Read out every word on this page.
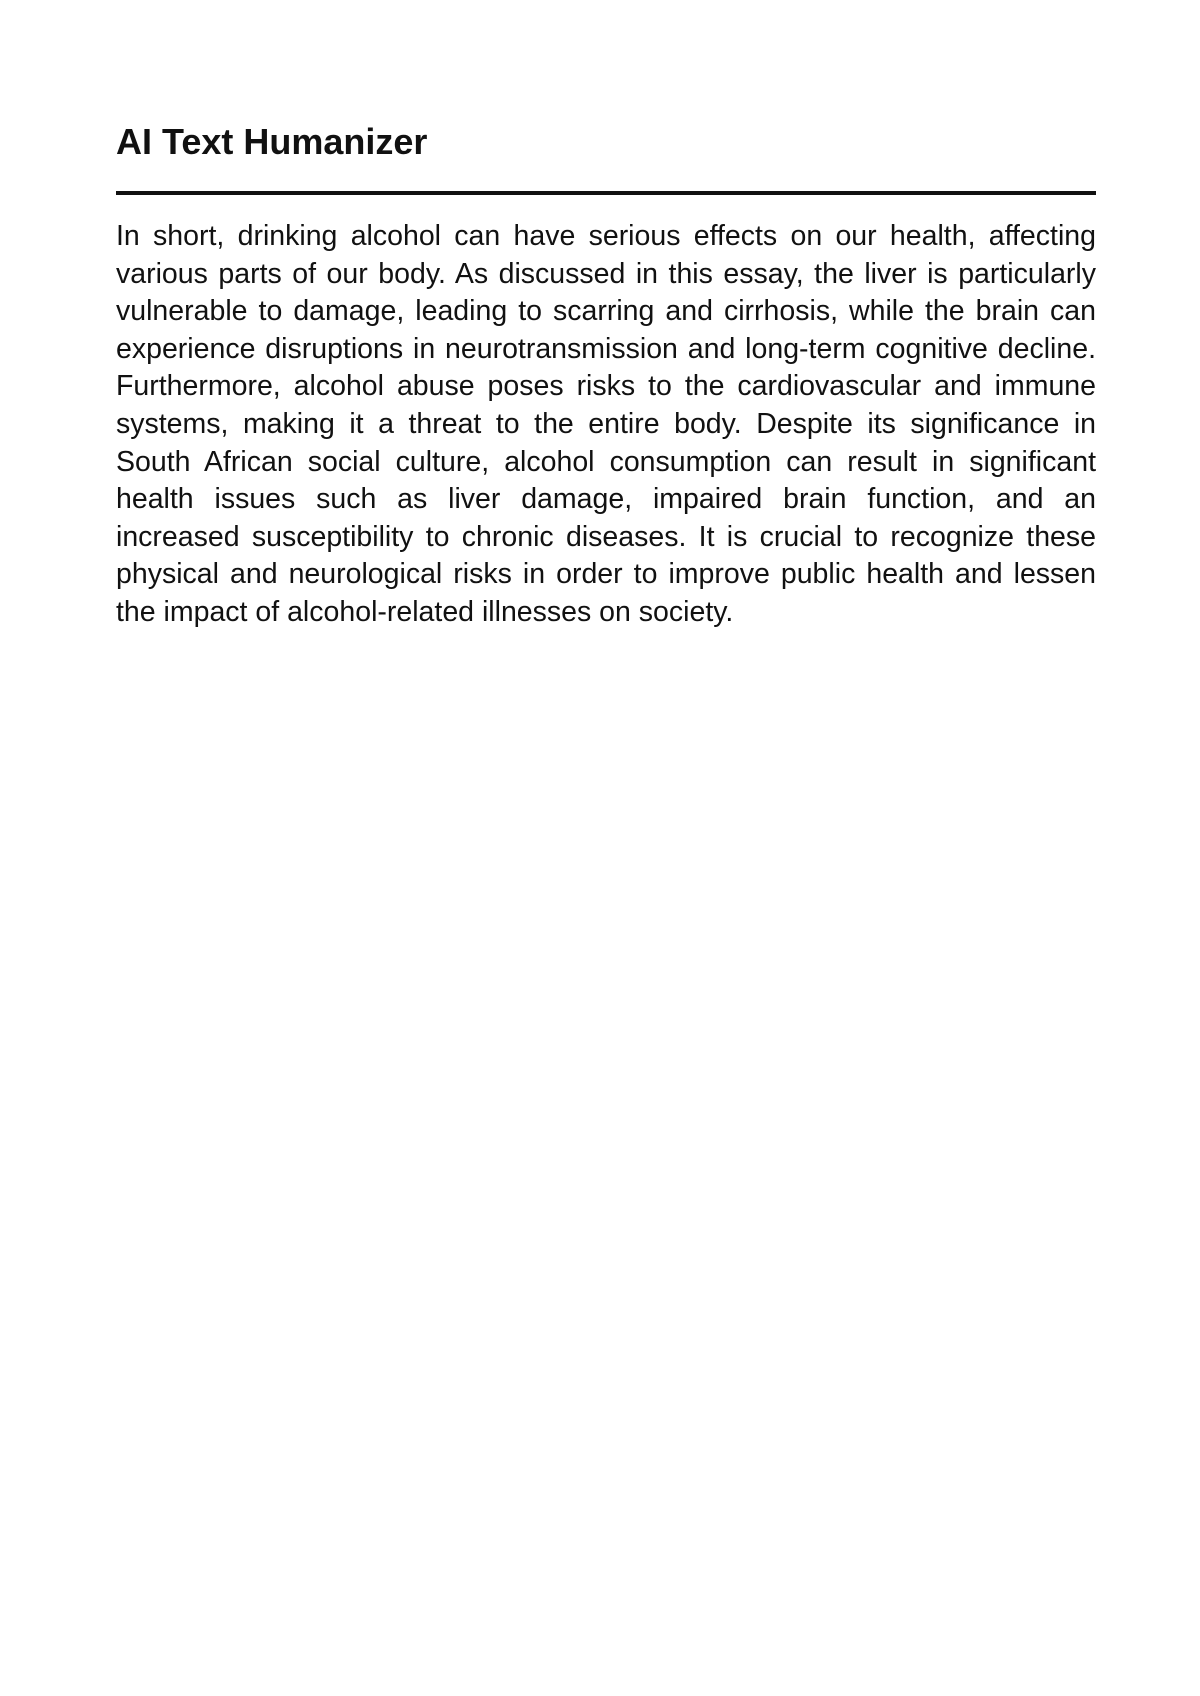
AI Text Humanizer

In short, drinking alcohol can have serious effects on our health, affecting various parts of our body. As discussed in this essay, the liver is particularly vulnerable to damage, leading to scarring and cirrhosis, while the brain can experience disruptions in neurotransmission and long-term cognitive decline. Furthermore, alcohol abuse poses risks to the cardiovascular and immune systems, making it a threat to the entire body. Despite its significance in South African social culture, alcohol consumption can result in significant health issues such as liver damage, impaired brain function, and an increased susceptibility to chronic diseases. It is crucial to recognize these physical and neurological risks in order to improve public health and lessen the impact of alcohol-related illnesses on society.
